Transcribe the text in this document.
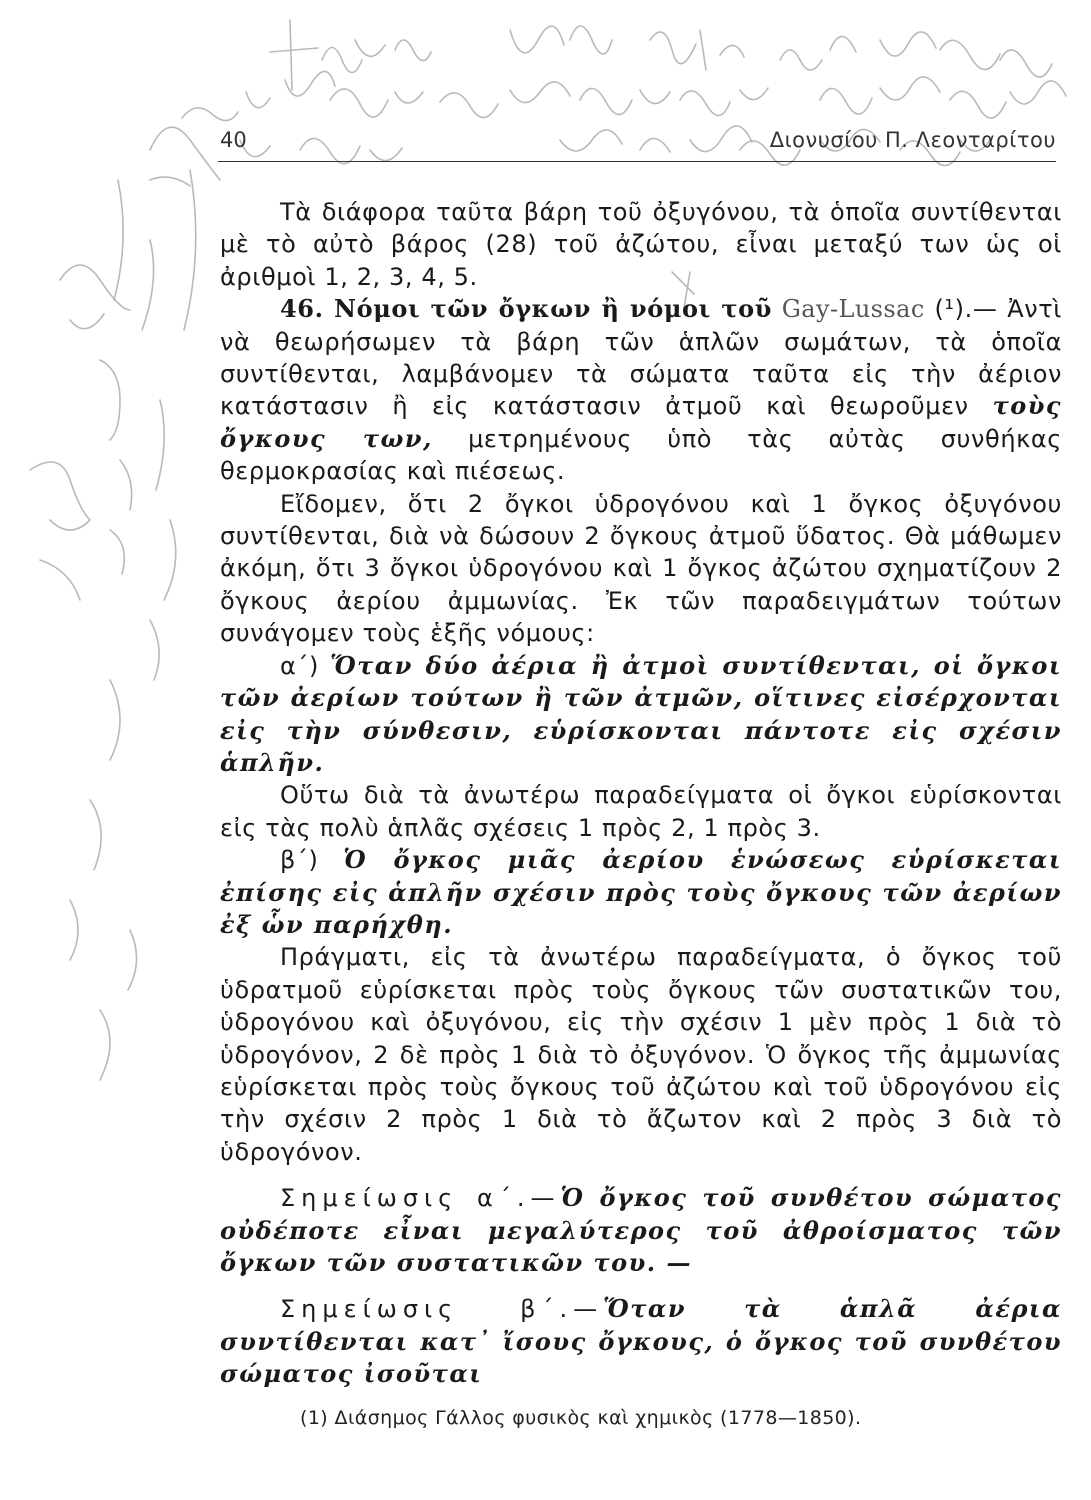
40	Διονυσίου Π. Λεονταρίτου

Τὰ διάφορα ταῦτα βάρη τοῦ ὀξυγόνου, τὰ ὁποῖα συντίθενται μὲ τὸ αὐτὸ βάρος (28) τοῦ ἀζώτου, εἶναι μεταξύ των ὡς οἱ ἀριθμοὶ 1, 2, 3, 4, 5.

46. Νόμοι τῶν ὄγκων ἢ νόμοι τοῦ Gay-Lussac (¹).— Ἀντὶ νὰ θεωρήσωμεν τὰ βάρη τῶν ἁπλῶν σωμάτων, τὰ ὁποῖα συντίθενται, λαμβάνομεν τὰ σώματα ταῦτα εἰς τὴν ἀέριον κατάστασιν ἢ εἰς κατάστασιν ἀτμοῦ καὶ θεωροῦμεν τοὺς ὄγκους των, μετρημένους ὑπὸ τὰς αὐτὰς συνθήκας θερμοκρασίας καὶ πιέσεως.

Εἴδομεν, ὅτι 2 ὄγκοι ὑδρογόνου καὶ 1 ὄγκος ὀξυγόνου συντίθενται, διὰ νὰ δώσουν 2 ὄγκους ἀτμοῦ ὕδατος. Θὰ μάθωμεν ἀκόμη, ὅτι 3 ὄγκοι ὑδρογόνου καὶ 1 ὄγκος ἀζώτου σχηματίζουν 2 ὄγκους ἀερίου ἀμμωνίας. Ἐκ τῶν παραδειγμάτων τούτων συνάγομεν τοὺς ἑξῆς νόμους:

α΄) Ὅταν δύο ἀέρια ἢ ἀτμοὶ συντίθενται, οἱ ὄγκοι τῶν ἀερίων τούτων ἢ τῶν ἀτμῶν, οἵτινες εἰσέρχονται εἰς τὴν σύνθεσιν, εὑρίσκονται πάντοτε εἰς σχέσιν ἁπλῆν.

Οὕτω διὰ τὰ ἀνωτέρω παραδείγματα οἱ ὄγκοι εὑρίσκονται εἰς τὰς πολὺ ἁπλᾶς σχέσεις 1 πρὸς 2, 1 πρὸς 3.

β΄) Ὁ ὄγκος μιᾶς ἀερίου ἑνώσεως εὑρίσκεται ἐπίσης εἰς ἁπλῆν σχέσιν πρὸς τοὺς ὄγκους τῶν ἀερίων ἐξ ὧν παρήχθη.

Πράγματι, εἰς τὰ ἀνωτέρω παραδείγματα, ὁ ὄγκος τοῦ ὑδρατμοῦ εὑρίσκεται πρὸς τοὺς ὄγκους τῶν συστατικῶν του, ὑδρογόνου καὶ ὀξυγόνου, εἰς τὴν σχέσιν 1 μὲν πρὸς 1 διὰ τὸ ὑδρογόνον, 2 δὲ πρὸς 1 διὰ τὸ ὀξυγόνον. Ὁ ὄγκος τῆς ἀμμωνίας εὑρίσκεται πρὸς τοὺς ὄγκους τοῦ ἀζώτου καὶ τοῦ ὑδρογόνου εἰς τὴν σχέσιν 2 πρὸς 1 διὰ τὸ ἄζωτον καὶ 2 πρὸς 3 διὰ τὸ ὑδρογόνον.

Σημείωσις α΄.—Ὁ ὄγκος τοῦ συνθέτου σώματος οὐδέποτε εἶναι μεγαλύτερος τοῦ ἀθροίσματος τῶν ὄγκων τῶν συστατικῶν του. —

Σημείωσις β΄.—Ὅταν τὰ ἁπλᾶ ἀέρια συντίθενται κατ᾽ ἴσους ὄγκους, ὁ ὄγκος τοῦ συνθέτου σώματος ἰσοῦται

(1) Διάσημος Γάλλος φυσικὸς καὶ χημικὸς (1778—1850).
